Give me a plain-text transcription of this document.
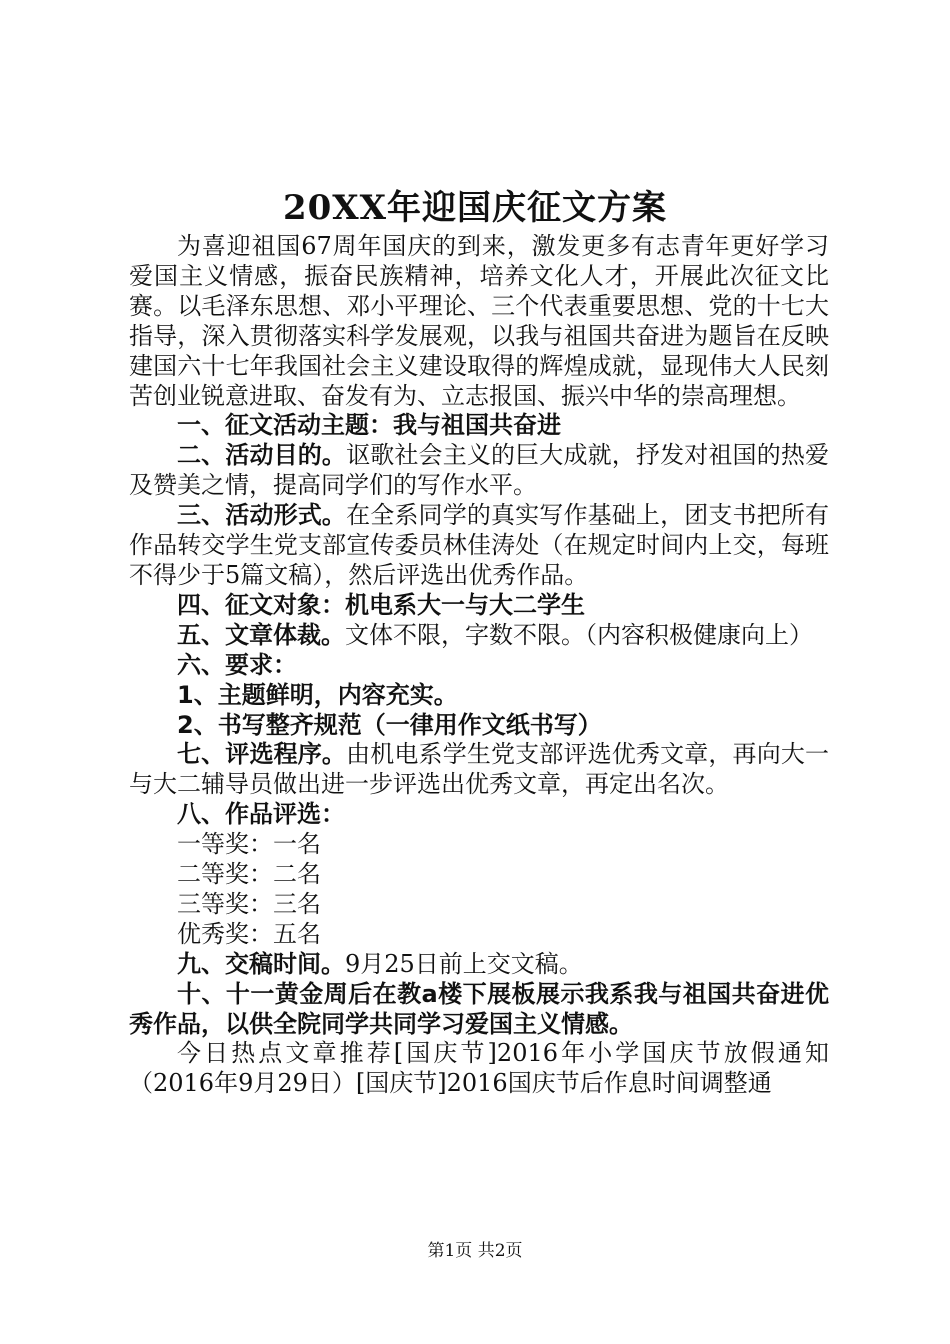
20XX年迎国庆征文方案

为喜迎祖国67周年国庆的到来，激发更多有志青年更好学习爱国主义情感，振奋民族精神，培养文化人才，开展此次征文比赛。以毛泽东思想、邓小平理论、三个代表重要思想、党的十七大指导，深入贯彻落实科学发展观，以我与祖国共奋进为题旨在反映建国六十七年我国社会主义建设取得的辉煌成就，显现伟大人民刻苦创业锐意进取、奋发有为、立志报国、振兴中华的崇高理想。

一、征文活动主题：我与祖国共奋进

二、活动目的。讴歌社会主义的巨大成就，抒发对祖国的热爱及赞美之情，提高同学们的写作水平。

三、活动形式。在全系同学的真实写作基础上，团支书把所有作品转交学生党支部宣传委员林佳涛处（在规定时间内上交，每班不得少于5篇文稿），然后评选出优秀作品。

四、征文对象：机电系大一与大二学生

五、文章体裁。文体不限，字数不限。（内容积极健康向上）

六、要求：

1、主题鲜明，内容充实。

2、书写整齐规范（一律用作文纸书写）

七、评选程序。由机电系学生党支部评选优秀文章，再向大一与大二辅导员做出进一步评选出优秀文章，再定出名次。

八、作品评选：

一等奖：一名

二等奖：二名

三等奖：三名

优秀奖：五名

九、交稿时间。9月25日前上交文稿。

十、十一黄金周后在教a楼下展板展示我系我与祖国共奋进优秀作品，以供全院同学共同学习爱国主义情感。

今日热点文章推荐[国庆节]2016年小学国庆节放假通知（2016年9月29日）[国庆节]2016国庆节后作息时间调整通

第1页 共2页
